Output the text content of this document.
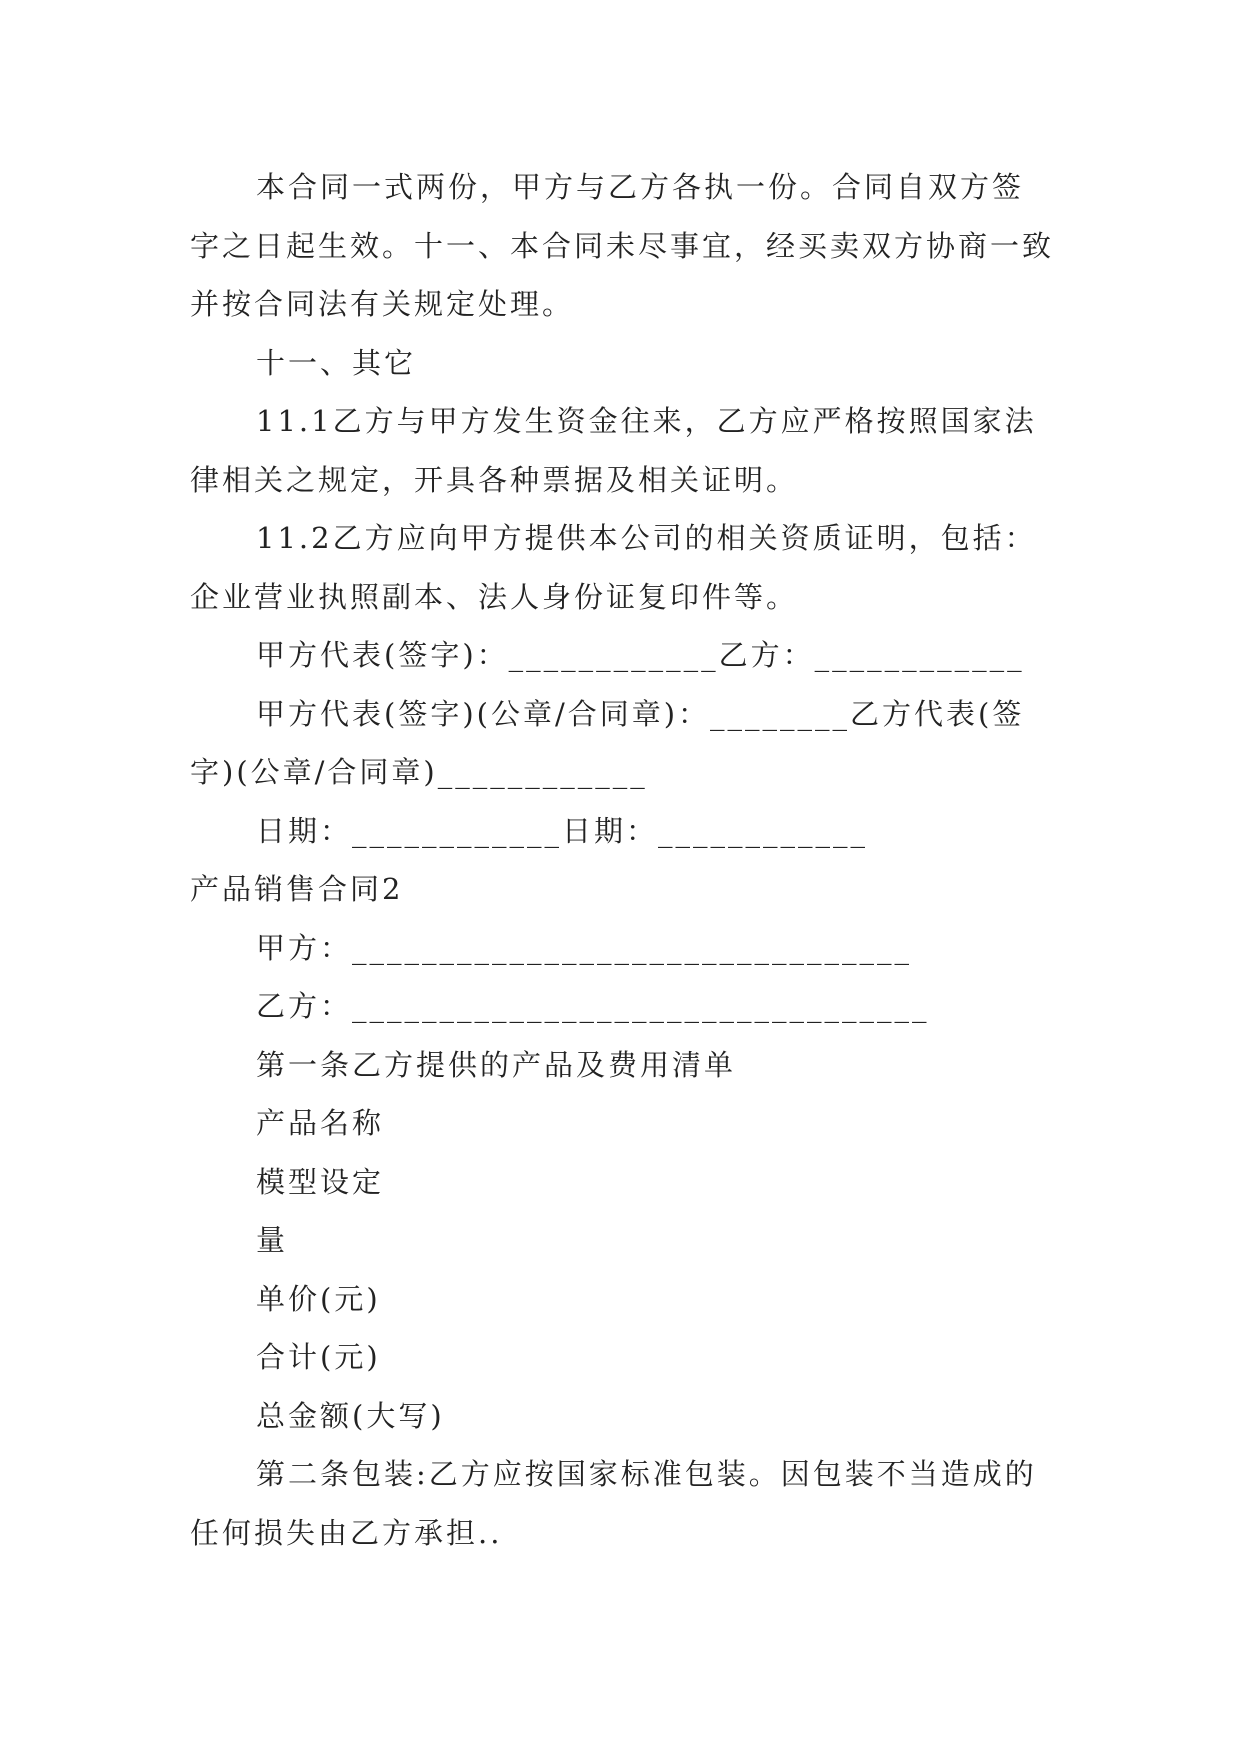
本合同一式两份，甲方与乙方各执一份。合同自双方签字之日起生效。十一、本合同未尽事宜，经买卖双方协商一致并按合同法有关规定处理。

十一、其它

11.1乙方与甲方发生资金往来，乙方应严格按照国家法律相关之规定，开具各种票据及相关证明。

11.2乙方应向甲方提供本公司的相关资质证明，包括：企业营业执照副本、法人身份证复印件等。

甲方代表(签字)：____________乙方：____________

甲方代表(签字)(公章/合同章)：________乙方代表(签字)(公章/合同章)____________

日期：____________日期：____________

产品销售合同2

甲方：________________________________

乙方：_________________________________

第一条乙方提供的产品及费用清单

产品名称

模型设定

量

单价(元)

合计(元)

总金额(大写)

第二条包装:乙方应按国家标准包装。因包装不当造成的任何损失由乙方承担..
